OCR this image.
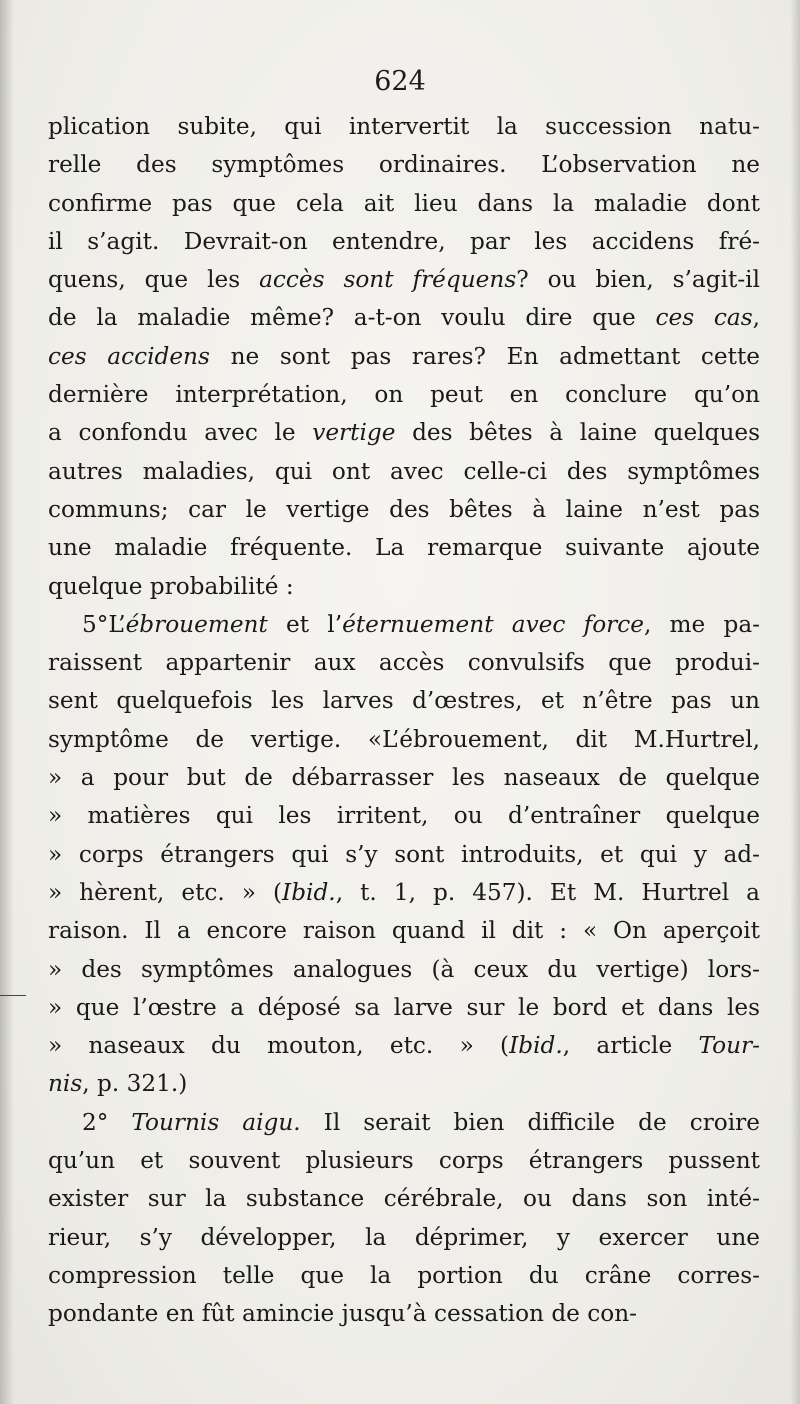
624
plication subite, qui intervertit la succession natu-
relle des symptômes ordinaires. L’observation ne
confirme pas que cela ait lieu dans la maladie dont
il s’agit. Devrait-on entendre, par les accidens fré-
quens, que les accès sont fréquens? ou bien, s’agit-il
de la maladie même? a-t-on voulu dire que ces cas,
ces accidens ne sont pas rares? En admettant cette
dernière interprétation, on peut en conclure qu’on
a confondu avec le vertige des bêtes à laine quelques
autres maladies, qui ont avec celle-ci des symptômes
communs; car le vertige des bêtes à laine n’est pas
une maladie fréquente. La remarque suivante ajoute
quelque probabilité :
5°L’ébrouement et l’éternuement avec force, me pa-
raissent appartenir aux accès convulsifs que produi-
sent quelquefois les larves d’œstres, et n’être pas un
symptôme de vertige. «L’ébrouement, dit M.Hurtrel,
» a pour but de débarrasser les naseaux de quelque
» matières qui les irritent, ou d’entraîner quelque
» corps étrangers qui s’y sont introduits, et qui y ad-
» hèrent, etc. » (Ibid., t. 1, p. 457). Et M. Hurtrel a
raison. Il a encore raison quand il dit : « On aperçoit
» des symptômes analogues (à ceux du vertige) lors-
» que l’œstre a déposé sa larve sur le bord et dans les
» naseaux du mouton, etc. » (Ibid., article Tour-
nis, p. 321.)
2° Tournis aigu. Il serait bien difficile de croire
qu’un et souvent plusieurs corps étrangers pussent
exister sur la substance cérébrale, ou dans son inté-
rieur, s’y développer, la déprimer, y exercer une
compression telle que la portion du crâne corres-
pondante en fût amincie jusqu’à cessation de con-
